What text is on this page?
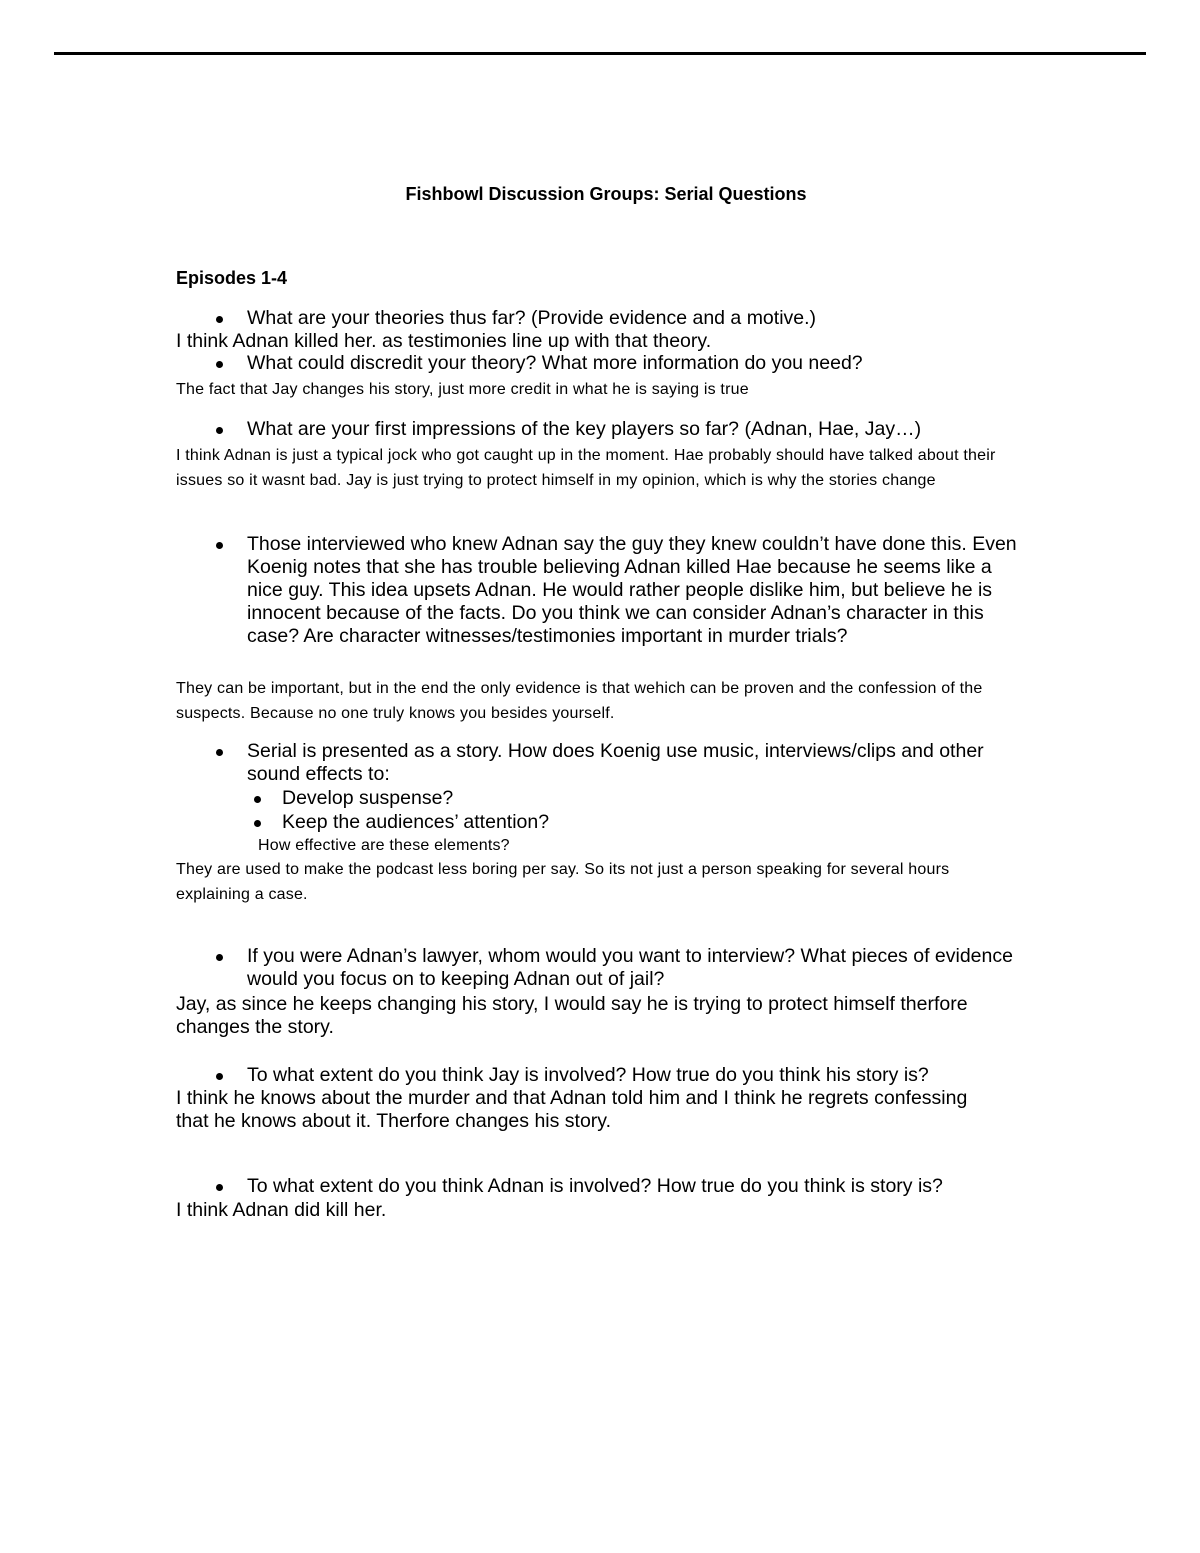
Fishbowl Discussion Groups: Serial Questions
Episodes 1-4
What are your theories thus far? (Provide evidence and a motive.)
I think Adnan killed her. as testimonies line up with that theory.
What could discredit your theory? What more information do you need?
The fact that Jay changes his story, just more credit in what he is saying is true
What are your first impressions of the key players so far? (Adnan, Hae, Jay…)
I think Adnan is just a typical jock who got caught up in the moment. Hae probably should have talked about their issues so it wasnt bad. Jay is just trying to protect himself in my opinion, which is why the stories change
Those interviewed who knew Adnan say the guy they knew couldn’t have done this. Even Koenig notes that she has trouble believing Adnan killed Hae because he seems like a nice guy. This idea upsets Adnan. He would rather people dislike him, but believe he is innocent because of the facts. Do you think we can consider Adnan’s character in this case? Are character witnesses/testimonies important in murder trials?
They can be important, but in the end the only evidence is that wehich can be proven and the confession of the suspects. Because no one truly knows you besides yourself.
Serial is presented as a story. How does Koenig use music, interviews/clips and other sound effects to:
Develop suspense?
Keep the audiences’ attention?
How effective are these elements?
They are used to make the podcast less boring per say. So its not just a person speaking for several hours explaining a case.
If you were Adnan’s lawyer, whom would you want to interview? What pieces of evidence would you focus on to keeping Adnan out of jail?
Jay, as since he keeps changing his story, I would say he is trying to protect himself therfore changes the story.
To what extent do you think Jay is involved? How true do you think his story is?
I think he knows about the murder and that Adnan told him and I think he regrets confessing that he knows about it. Therfore changes his story.
To what extent do you think Adnan is involved? How true do you think is story is?
I think Adnan did kill her.
